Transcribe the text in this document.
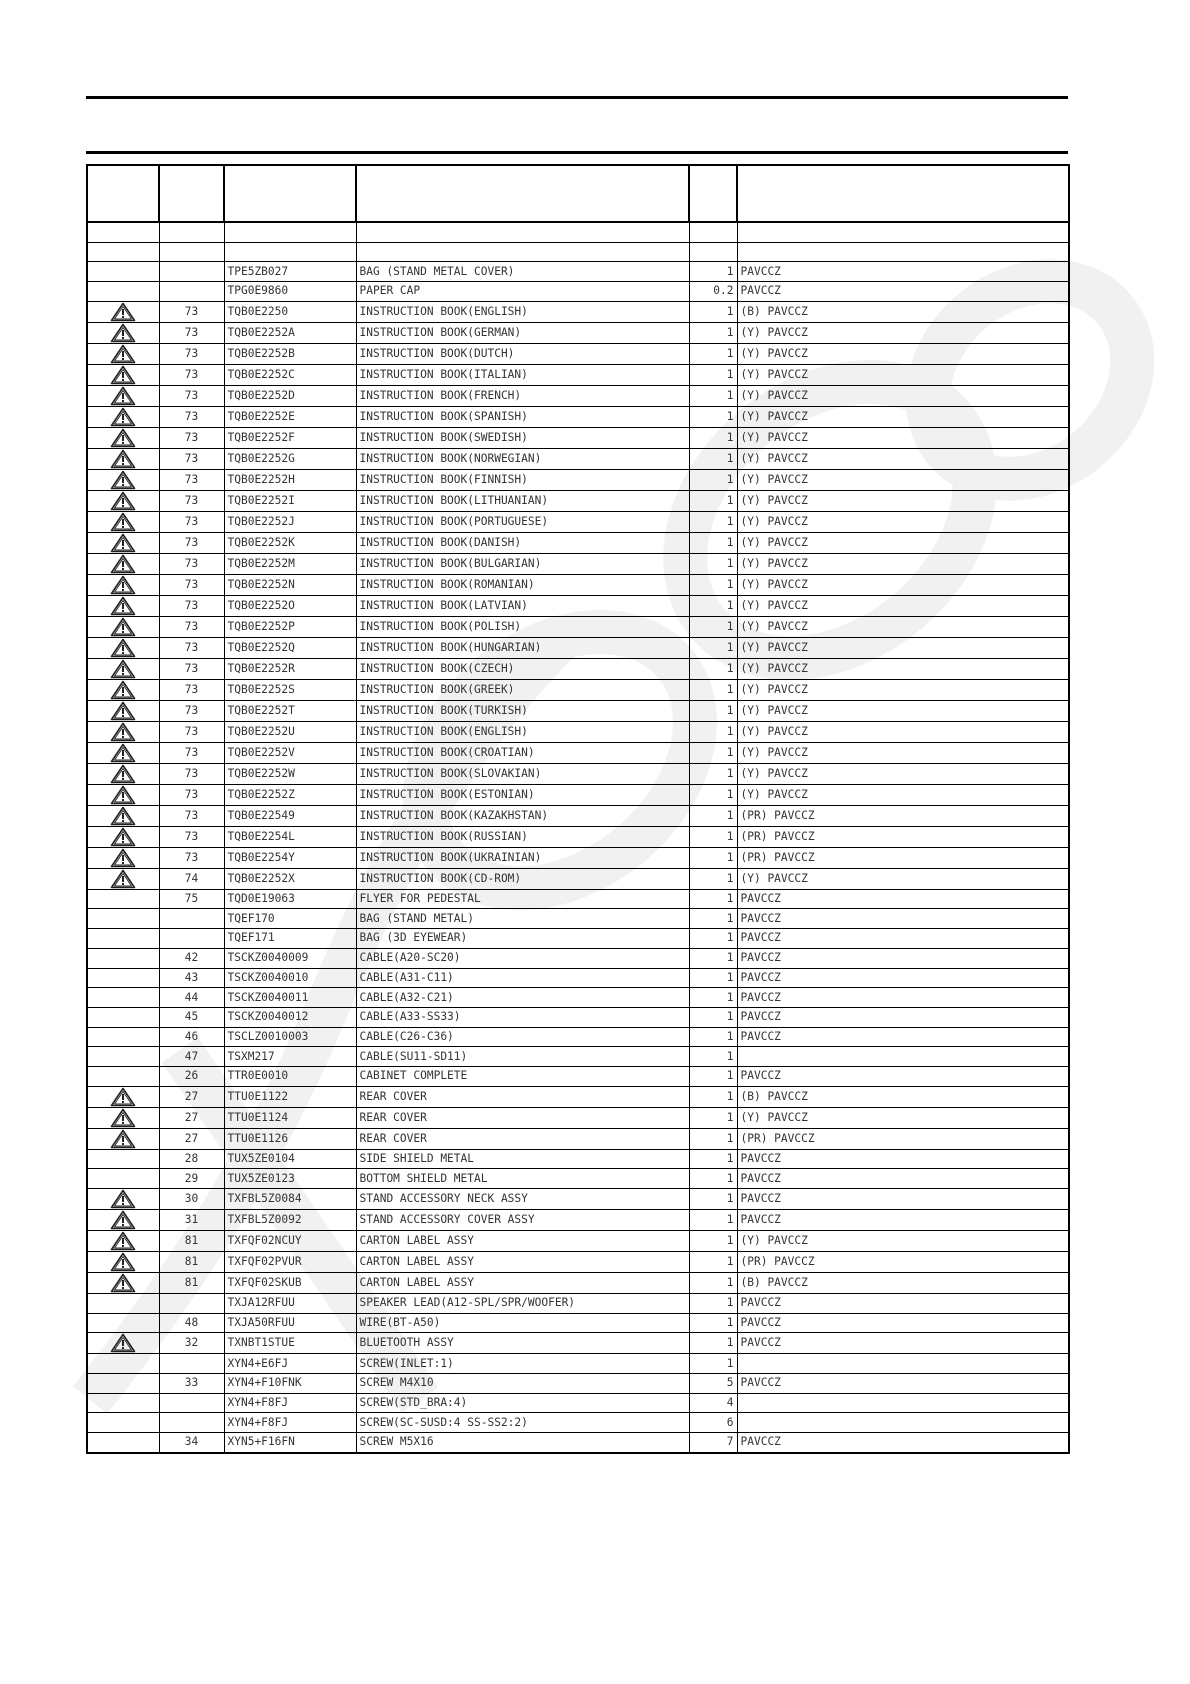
		TPE5ZB027	BAG (STAND METAL COVER)	1	PAVCCZ
		TPG0E9860	PAPER CAP	0.2	PAVCCZ

	73	TQB0E2250	INSTRUCTION BOOK(ENGLISH)	1	(B) PAVCCZ

	73	TQB0E2252A	INSTRUCTION BOOK(GERMAN)	1	(Y) PAVCCZ

	73	TQB0E2252B	INSTRUCTION BOOK(DUTCH)	1	(Y) PAVCCZ

	73	TQB0E2252C	INSTRUCTION BOOK(ITALIAN)	1	(Y) PAVCCZ

	73	TQB0E2252D	INSTRUCTION BOOK(FRENCH)	1	(Y) PAVCCZ

	73	TQB0E2252E	INSTRUCTION BOOK(SPANISH)	1	(Y) PAVCCZ

	73	TQB0E2252F	INSTRUCTION BOOK(SWEDISH)	1	(Y) PAVCCZ

	73	TQB0E2252G	INSTRUCTION BOOK(NORWEGIAN)	1	(Y) PAVCCZ

	73	TQB0E2252H	INSTRUCTION BOOK(FINNISH)	1	(Y) PAVCCZ

	73	TQB0E2252I	INSTRUCTION BOOK(LITHUANIAN)	1	(Y) PAVCCZ

	73	TQB0E2252J	INSTRUCTION BOOK(PORTUGUESE)	1	(Y) PAVCCZ

	73	TQB0E2252K	INSTRUCTION BOOK(DANISH)	1	(Y) PAVCCZ

	73	TQB0E2252M	INSTRUCTION BOOK(BULGARIAN)	1	(Y) PAVCCZ

	73	TQB0E2252N	INSTRUCTION BOOK(ROMANIAN)	1	(Y) PAVCCZ

	73	TQB0E2252O	INSTRUCTION BOOK(LATVIAN)	1	(Y) PAVCCZ

	73	TQB0E2252P	INSTRUCTION BOOK(POLISH)	1	(Y) PAVCCZ

	73	TQB0E2252Q	INSTRUCTION BOOK(HUNGARIAN)	1	(Y) PAVCCZ

	73	TQB0E2252R	INSTRUCTION BOOK(CZECH)	1	(Y) PAVCCZ

	73	TQB0E2252S	INSTRUCTION BOOK(GREEK)	1	(Y) PAVCCZ

	73	TQB0E2252T	INSTRUCTION BOOK(TURKISH)	1	(Y) PAVCCZ

	73	TQB0E2252U	INSTRUCTION BOOK(ENGLISH)	1	(Y) PAVCCZ

	73	TQB0E2252V	INSTRUCTION BOOK(CROATIAN)	1	(Y) PAVCCZ

	73	TQB0E2252W	INSTRUCTION BOOK(SLOVAKIAN)	1	(Y) PAVCCZ

	73	TQB0E2252Z	INSTRUCTION BOOK(ESTONIAN)	1	(Y) PAVCCZ

	73	TQB0E22549	INSTRUCTION BOOK(KAZAKHSTAN)	1	(PR) PAVCCZ

	73	TQB0E2254L	INSTRUCTION BOOK(RUSSIAN)	1	(PR) PAVCCZ

	73	TQB0E2254Y	INSTRUCTION BOOK(UKRAINIAN)	1	(PR) PAVCCZ

	74	TQB0E2252X	INSTRUCTION BOOK(CD-ROM)	1	(Y) PAVCCZ
	75	TQD0E19063	FLYER FOR PEDESTAL	1	PAVCCZ
		TQEF170	BAG (STAND METAL)	1	PAVCCZ
		TQEF171	BAG (3D EYEWEAR)	1	PAVCCZ
	42	TSCKZ0040009	CABLE(A20-SC20)	1	PAVCCZ
	43	TSCKZ0040010	CABLE(A31-C11)	1	PAVCCZ
	44	TSCKZ0040011	CABLE(A32-C21)	1	PAVCCZ
	45	TSCKZ0040012	CABLE(A33-SS33)	1	PAVCCZ
	46	TSCLZ0010003	CABLE(C26-C36)	1	PAVCCZ
	47	TSXM217	CABLE(SU11-SD11)	1	
	26	TTR0E0010	CABINET COMPLETE	1	PAVCCZ

	27	TTU0E1122	REAR COVER	1	(B) PAVCCZ

	27	TTU0E1124	REAR COVER	1	(Y) PAVCCZ

	27	TTU0E1126	REAR COVER	1	(PR) PAVCCZ
	28	TUX5ZE0104	SIDE SHIELD METAL	1	PAVCCZ
	29	TUX5ZE0123	BOTTOM SHIELD METAL	1	PAVCCZ

	30	TXFBL5Z0084	STAND ACCESSORY NECK ASSY	1	PAVCCZ

	31	TXFBL5Z0092	STAND ACCESSORY COVER ASSY	1	PAVCCZ

	81	TXFQF02NCUY	CARTON LABEL ASSY	1	(Y) PAVCCZ

	81	TXFQF02PVUR	CARTON LABEL ASSY	1	(PR) PAVCCZ

	81	TXFQF02SKUB	CARTON LABEL ASSY	1	(B) PAVCCZ
		TXJA12RFUU	SPEAKER LEAD(A12-SPL/SPR/WOOFER)	1	PAVCCZ
	48	TXJA50RFUU	WIRE(BT-A50)	1	PAVCCZ

	32	TXNBT1STUE	BLUETOOTH ASSY	1	PAVCCZ
		XYN4+E6FJ	SCREW(INLET:1)	1	
	33	XYN4+F10FNK	SCREW M4X10	5	PAVCCZ
		XYN4+F8FJ	SCREW(STD_BRA:4)	4	
		XYN4+F8FJ	SCREW(SC-SUSD:4 SS-SS2:2)	6	
	34	XYN5+F16FN	SCREW M5X16	7	PAVCCZ
